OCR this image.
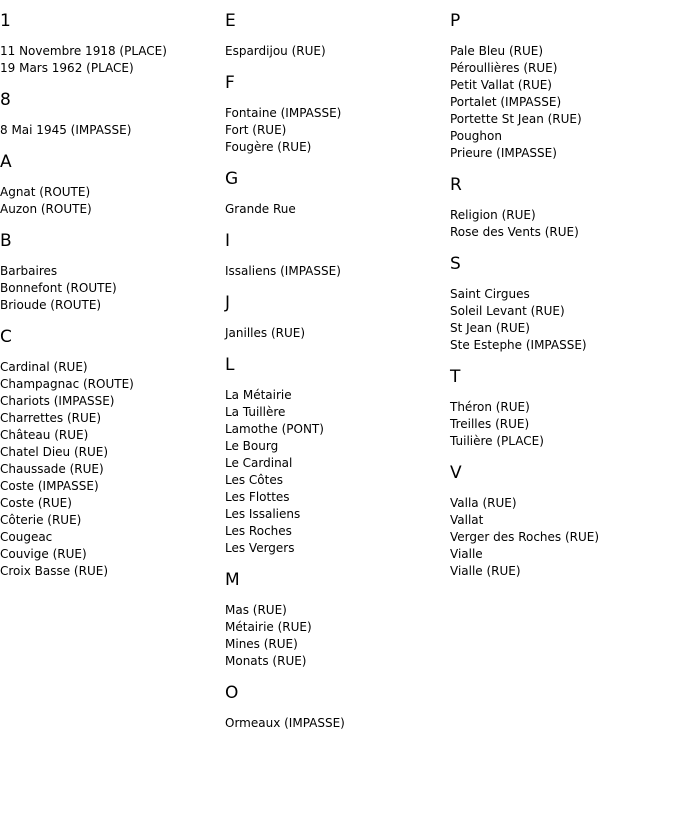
1
11 Novembre 1918 (PLACE)
19 Mars 1962 (PLACE)
8
8 Mai 1945 (IMPASSE)
A
Agnat (ROUTE)
Auzon (ROUTE)
B
Barbaires
Bonnefont (ROUTE)
Brioude (ROUTE)
C
Cardinal (RUE)
Champagnac (ROUTE)
Chariots (IMPASSE)
Charrettes (RUE)
Château (RUE)
Chatel Dieu (RUE)
Chaussade (RUE)
Coste (IMPASSE)
Coste (RUE)
Côterie (RUE)
Cougeac
Couvige (RUE)
Croix Basse (RUE)
E
Espardijou (RUE)
F
Fontaine (IMPASSE)
Fort (RUE)
Fougère (RUE)
G
Grande Rue
I
Issaliens (IMPASSE)
J
Janilles (RUE)
L
La Métairie
La Tuillère
Lamothe (PONT)
Le Bourg
Le Cardinal
Les Côtes
Les Flottes
Les Issaliens
Les Roches
Les Vergers
M
Mas (RUE)
Métairie (RUE)
Mines (RUE)
Monats (RUE)
O
Ormeaux (IMPASSE)
P
Pale Bleu (RUE)
Péroullières (RUE)
Petit Vallat (RUE)
Portalet (IMPASSE)
Portette St Jean (RUE)
Poughon
Prieure (IMPASSE)
R
Religion (RUE)
Rose des Vents (RUE)
S
Saint Cirgues
Soleil Levant (RUE)
St Jean (RUE)
Ste Estephe (IMPASSE)
T
Théron (RUE)
Treilles (RUE)
Tuilière (PLACE)
V
Valla (RUE)
Vallat
Verger des Roches (RUE)
Vialle
Vialle (RUE)
